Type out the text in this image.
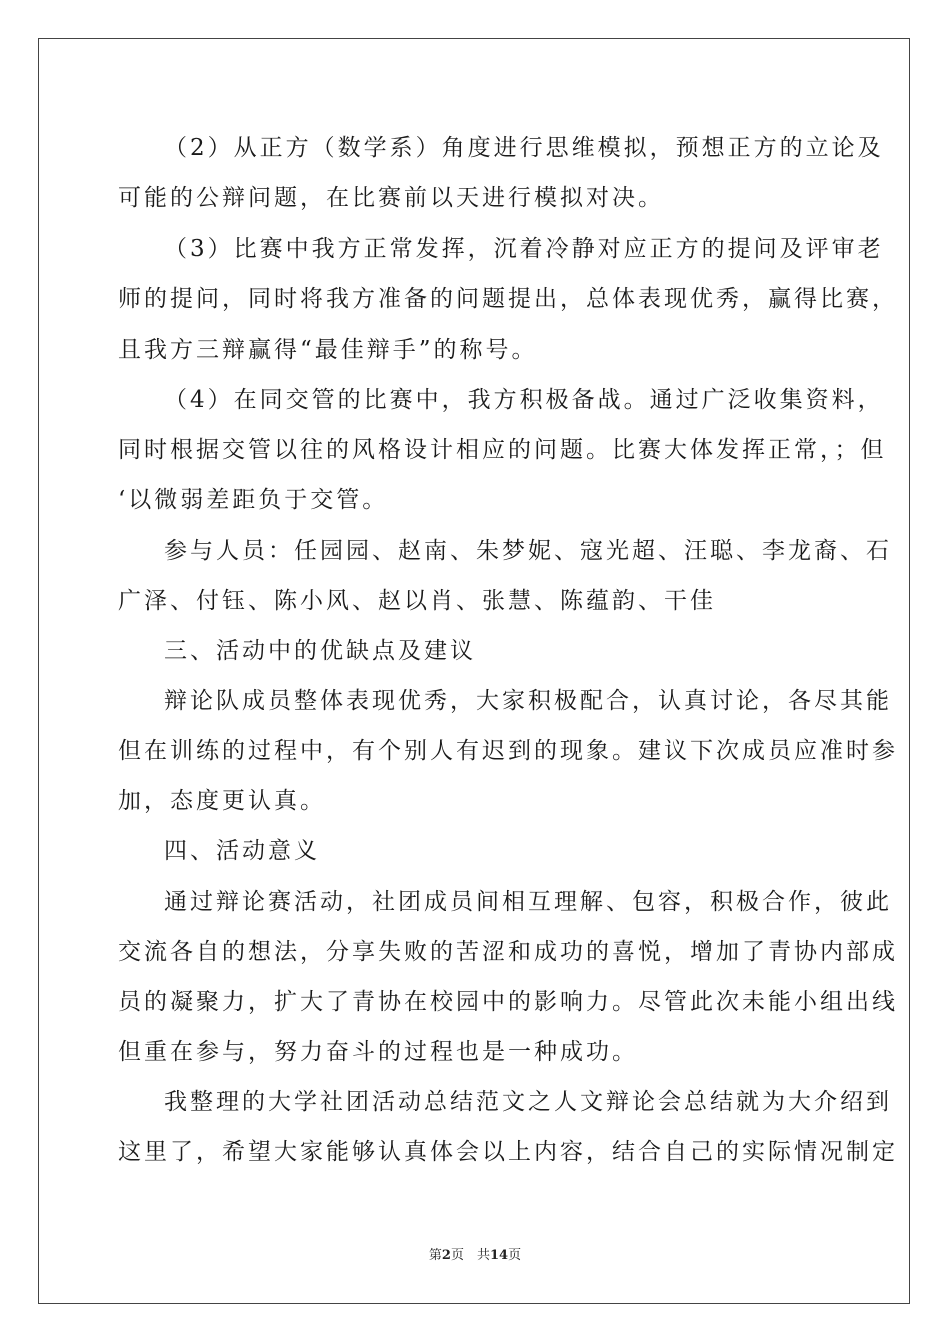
（2）从正方（数学系）角度进行思维模拟，预想正方的立论及
可能的公辩问题，在比赛前以天进行模拟对决。
（3）比赛中我方正常发挥，沉着冷静对应正方的提问及评审老
师的提问，同时将我方准备的问题提出，总体表现优秀，赢得比赛，
且我方三辩赢得“最佳辩手”的称号。
（4）在同交管的比赛中，我方积极备战。通过广泛收集资料，
同时根据交管以往的风格设计相应的问题。比赛大体发挥正常，；但
‘以微弱差距负于交管。
参与人员：任园园、赵南、朱梦妮、寇光超、汪聪、李龙裔、石
广泽、付钰、陈小风、赵以肖、张慧、陈蕴韵、干佳
三、活动中的优缺点及建议
辩论队成员整体表现优秀，大家积极配合，认真讨论，各尽其能
但在训练的过程中，有个别人有迟到的现象。建议下次成员应准时参
加，态度更认真。
四、活动意义
通过辩论赛活动，社团成员间相互理解、包容，积极合作，彼此
交流各自的想法，分享失败的苦涩和成功的喜悦，增加了青协内部成
员的凝聚力，扩大了青协在校园中的影响力。尽管此次未能小组出线
但重在参与，努力奋斗的过程也是一种成功。
我整理的大学社团活动总结范文之人文辩论会总结就为大介绍到
这里了，希望大家能够认真体会以上内容，结合自己的实际情况制定
第2页　共14页
